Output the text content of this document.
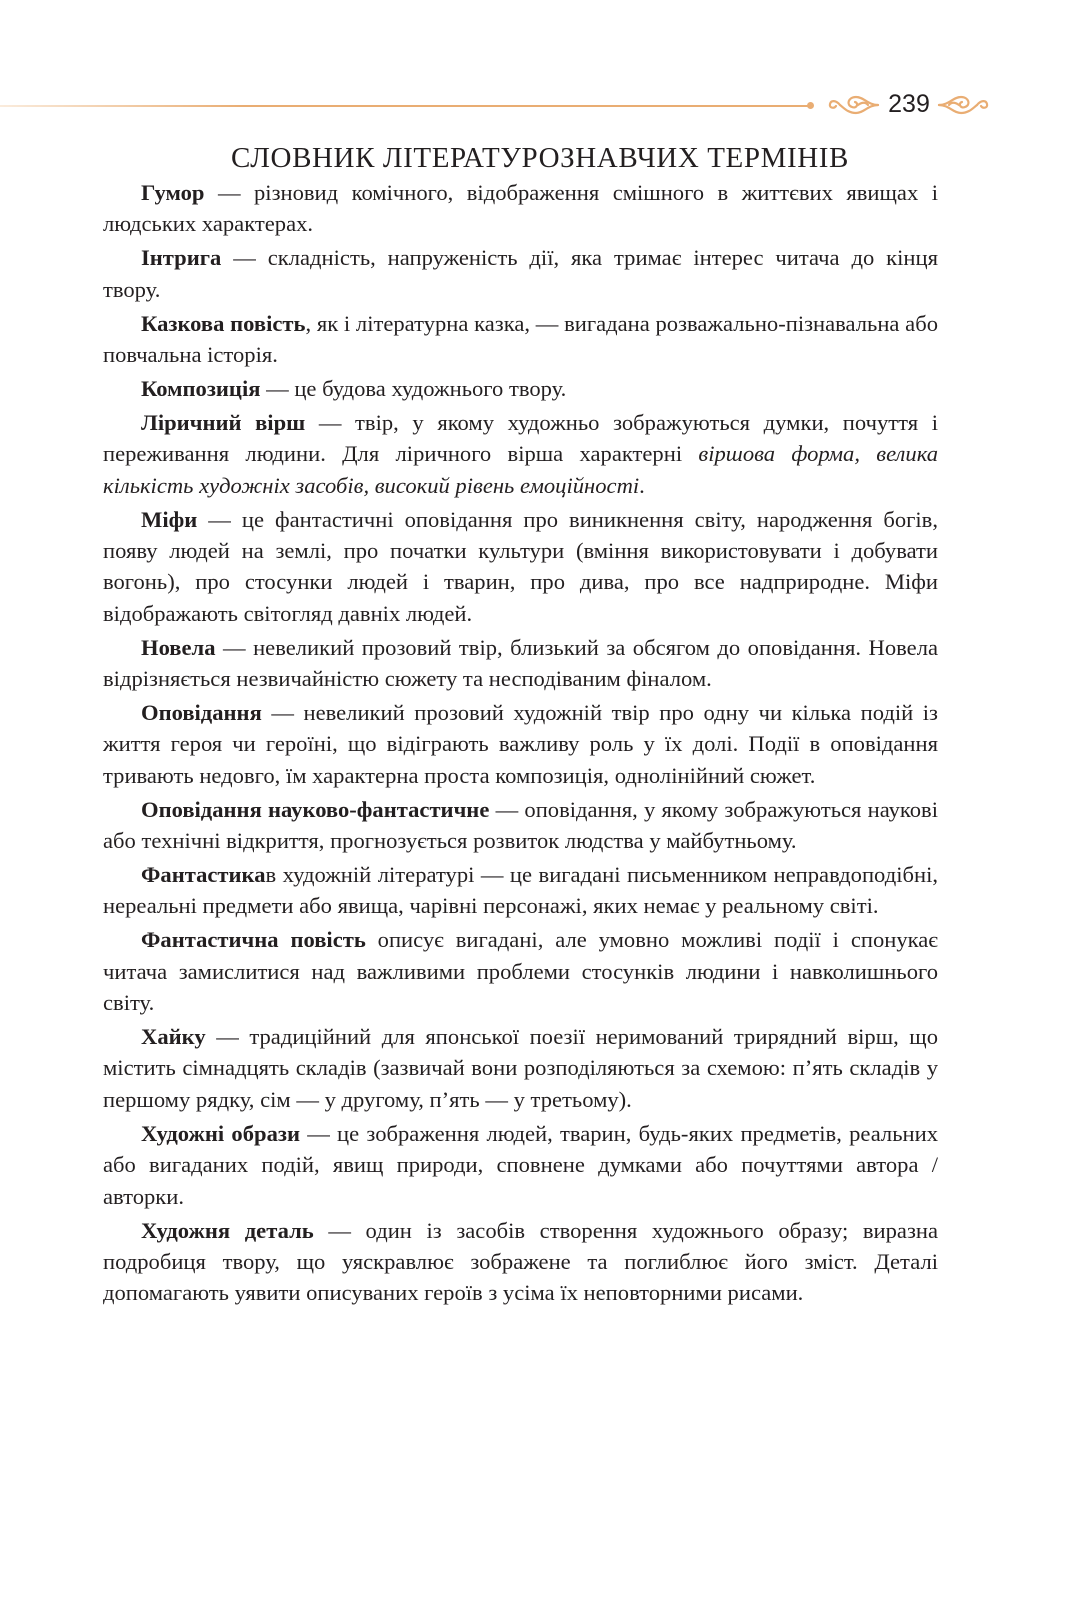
239
СЛОВНИК ЛІТЕРАТУРОЗНАВЧИХ ТЕРМІНІВ

Гумор — різновид комічного, відображення смішного в життєвих явищах і людських характерах.

Інтрига — складність, напруженість дії, яка тримає інтерес читача до кінця твору.

Казкова повість, як і літературна казка, — вигадана розважально-пізнавальна або повчальна історія.

Композиція — це будова художнього твору.

Ліричний вірш — твір, у якому художньо зображуються думки, почуття і переживання людини. Для ліричного вірша характерні віршова форма, велика кількість художніх засобів, високий рівень емоційності.

Міфи — це фантастичні оповідання про виникнення світу, народження богів, появу людей на землі, про початки культури (вміння використовувати і добувати вогонь), про стосунки людей і тварин, про дива, про все надприродне. Міфи відображають світогляд давніх людей.

Новела — невеликий прозовий твір, близький за обсягом до оповідання. Новела відрізняється незвичайністю сюжету та несподіваним фіналом.

Оповідання — невеликий прозовий художній твір про одну чи кілька подій із життя героя чи героїні, що відіграють важливу роль у їх долі. Події в оповідання тривають недовго, їм характерна проста композиція, однолінійний сюжет.

Оповідання науково-фантастичне — оповідання, у якому зображуються наукові або технічні відкриття, прогнозується розвиток людства у майбутньому.

Фантастикав художній літературі — це вигадані письменником неправдоподібні, нереальні предмети або явища, чарівні персонажі, яких немає у реальному світі.

Фантастична повість описує вигадані, але умовно можливі події і спонукає читача замислитися над важливими проблеми стосунків людини і навколишнього світу.

Хайку — традиційний для японської поезії неримований трирядний вірш, що містить сімнадцять складів (зазвичай вони розподіляються за схемою: п’ять складів у першому рядку, сім — у другому, п’ять — у третьому).

Художні образи — це зображення людей, тварин, будь-яких предметів, реальних або вигаданих подій, явищ природи, сповнене думками або почуттями автора / авторки.

Художня деталь — один із засобів створення художнього образу; виразна подробиця твору, що уяскравлює зображене та поглиблює його зміст. Деталі допомагають уявити описуваних героїв з усіма їх неповторними рисами.
